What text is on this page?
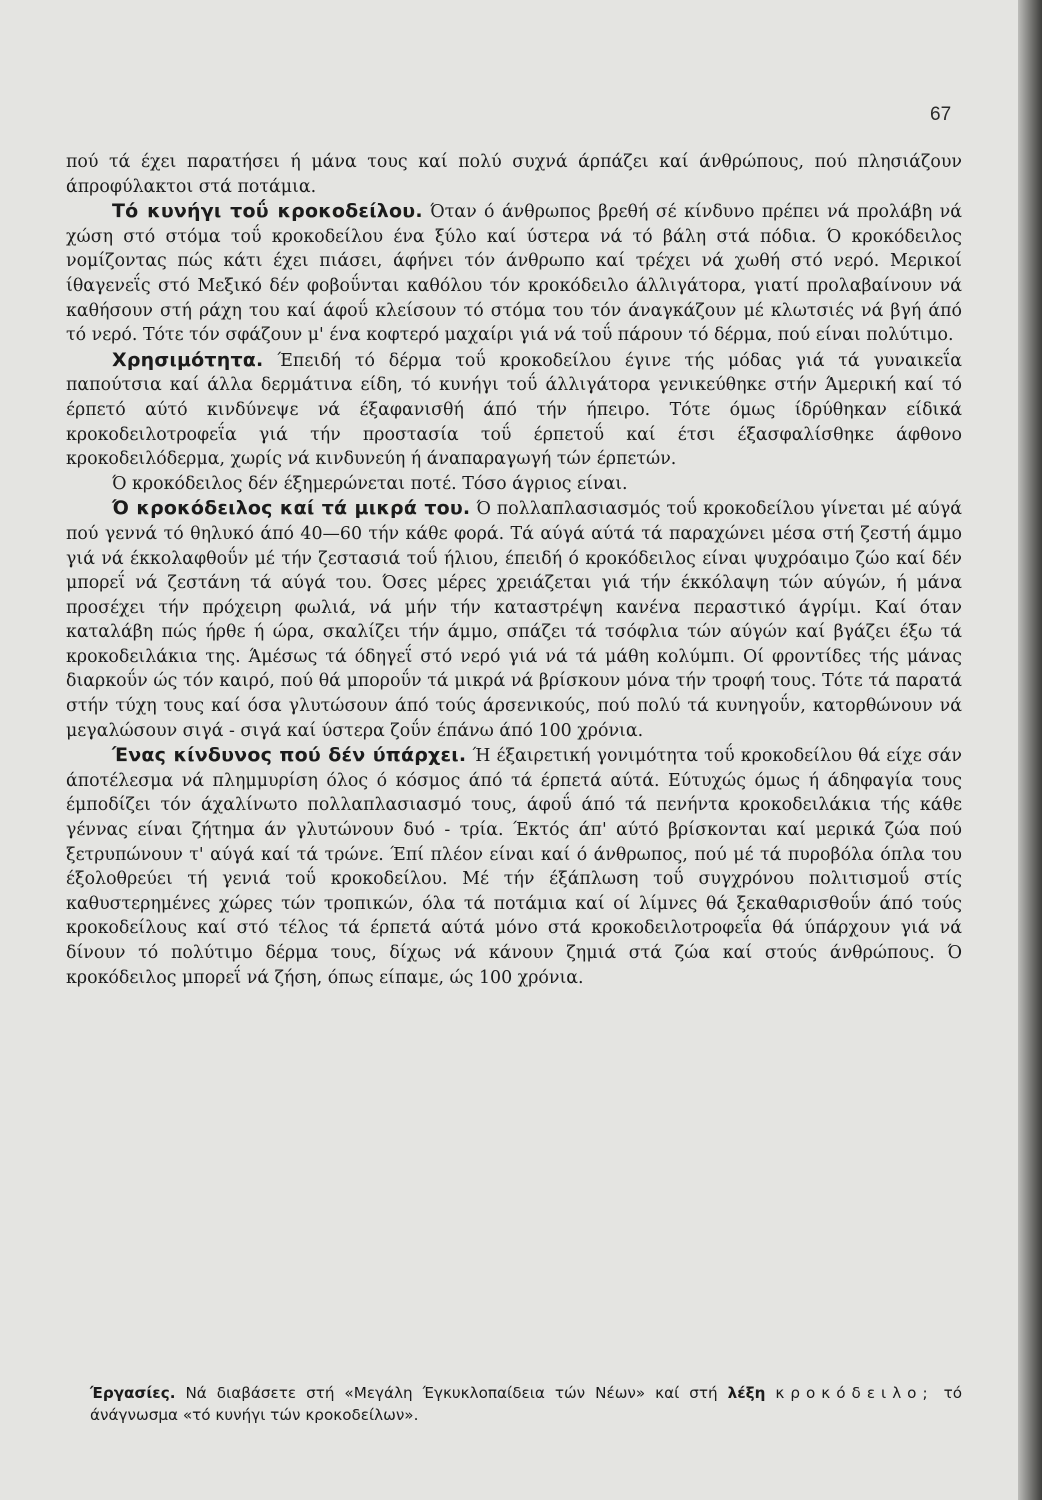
67

πού τά έχει παρατήσει ή μάνα τους καί πολύ συχνά άρπάζει καί άνθρώπους, πού πλησιάζουν άπροφύλακτοι στά ποτάμια.

Τό κυνήγι τοΰ κροκοδείλου. Όταν ό άνθρωπος βρεθή σέ κίνδυνο πρέπει νά προλάβη νά χώση στό στόμα τοΰ κροκοδείλου ένα ξύλο καί ύστερα νά τό βάλη στά πόδια. Ό κροκόδειλος νομίζοντας πώς κάτι έχει πιάσει, άφήνει τόν άνθρωπο καί τρέχει νά χωθή στό νερό. Μερικοί ίθαγενεΐς στό Μεξικό δέν φοβοΰνται καθόλου τόν κροκόδειλο άλλιγάτορα, γιατί προλαβαίνουν νά καθήσουν στή ράχη του καί άφοΰ κλείσουν τό στόμα του τόν άναγκάζουν μέ κλωτσιές νά βγή άπό τό νερό. Τότε τόν σφάζουν μ' ένα κοφτερό μαχαίρι γιά νά τοΰ πάρουν τό δέρμα, πού είναι πολύτιμο.

Χρησιμότητα. Έπειδή τό δέρμα τοΰ κροκοδείλου έγινε τής μόδας γιά τά γυναικεΐα παπούτσια καί άλλα δερμάτινα είδη, τό κυνήγι τοΰ άλλιγάτορα γενικεύθηκε στήν Άμερική καί τό έρπετό αύτό κινδύνεψε νά έξαφανισθή άπό τήν ήπειρο. Τότε όμως ίδρύθηκαν είδικά κροκοδειλοτροφεΐα γιά τήν προστασία τοΰ έρπετοΰ καί έτσι έξασφαλίσθηκε άφθονο κροκοδειλόδερμα, χωρίς νά κινδυνεύη ή άναπαραγωγή τών έρπετών.

Ό κροκόδειλος δέν έξημερώνεται ποτέ. Τόσο άγριος είναι.

Ό κροκόδειλος καί τά μικρά του. Ό πολλαπλασιασμός τοΰ κροκοδείλου γίνεται μέ αύγά πού γεννά τό θηλυκό άπό 40—60 τήν κάθε φορά. Τά αύγά αύτά τά παραχώνει μέσα στή ζεστή άμμο γιά νά έκκολαφθοΰν μέ τήν ζεστασιά τοΰ ήλιου, έπειδή ό κροκόδειλος είναι ψυχρόαιμο ζώο καί δέν μπορεΐ νά ζεστάνη τά αύγά του. Όσες μέρες χρειάζεται γιά τήν έκκόλαψη τών αύγών, ή μάνα προσέχει τήν πρόχειρη φωλιά, νά μήν τήν καταστρέψη κανένα περαστικό άγρίμι. Καί όταν καταλάβη πώς ήρθε ή ώρα, σκαλίζει τήν άμμο, σπάζει τά τσόφλια τών αύγών καί βγάζει έξω τά κροκοδειλάκια της. Άμέσως τά όδηγεΐ στό νερό γιά νά τά μάθη κολύμπι. Οί φροντίδες τής μάνας διαρκοΰν ώς τόν καιρό, πού θά μποροΰν τά μικρά νά βρίσκουν μόνα τήν τροφή τους. Τότε τά παρατά στήν τύχη τους καί όσα γλυτώσουν άπό τούς άρσενικούς, πού πολύ τά κυνηγοΰν, κατορθώνουν νά μεγαλώσουν σιγά - σιγά καί ύστερα ζοΰν έπάνω άπό 100 χρόνια.

Ένας κίνδυνος πού δέν ύπάρχει. Ή έξαιρετική γονιμότητα τοΰ κροκοδείλου θά είχε σάν άποτέλεσμα νά πλημμυρίση όλος ό κόσμος άπό τά έρπετά αύτά. Εύτυχώς όμως ή άδηφαγία τους έμποδίζει τόν άχαλίνωτο πολλαπλασιασμό τους, άφοΰ άπό τά πενήντα κροκοδειλάκια τής κάθε γέννας είναι ζήτημα άν γλυτώνουν δυό - τρία. Έκτός άπ' αύτό βρίσκονται καί μερικά ζώα πού ξετρυπώνουν τ' αύγά καί τά τρώνε. Έπί πλέον είναι καί ό άνθρωπος, πού μέ τά πυροβόλα όπλα του έξολοθρεύει τή γενιά τοΰ κροκοδείλου. Μέ τήν έξάπλωση τοΰ συγχρόνου πολιτισμοΰ στίς καθυστερημένες χώρες τών τροπικών, όλα τά ποτάμια καί οί λίμνες θά ξεκαθαρισθοΰν άπό τούς κροκοδείλους καί στό τέλος τά έρπετά αύτά μόνο στά κροκοδειλοτροφεΐα θά ύπάρχουν γιά νά δίνουν τό πολύτιμο δέρμα τους, δίχως νά κάνουν ζημιά στά ζώα καί στούς άνθρώπους. Ό κροκόδειλος μπορεΐ νά ζήση, όπως είπαμε, ώς 100 χρόνια.

Έργασίες. Νά διαβάσετε στή «Μεγάλη Έγκυκλοπαίδεια τών Νέων» καί στή λέξη κροκόδειλο; τό άνάγνωσμα «τό κυνήγι τών κροκοδείλων».
